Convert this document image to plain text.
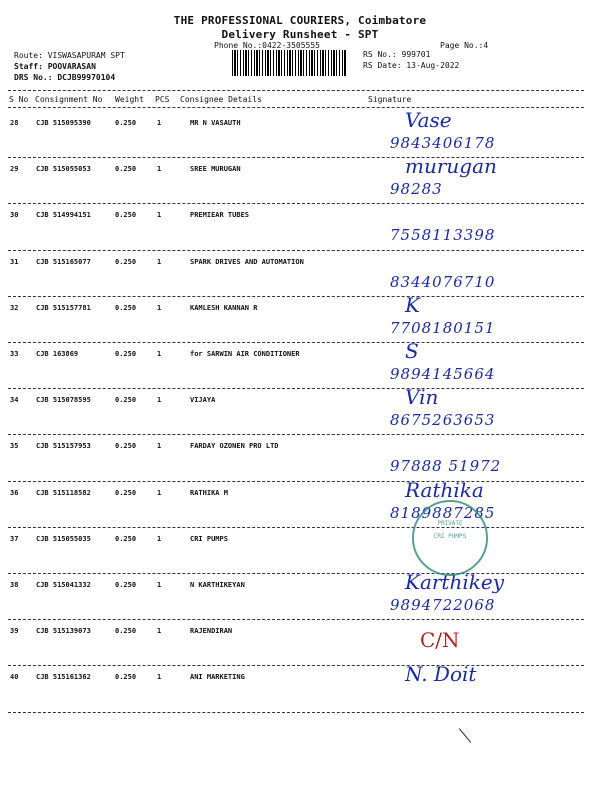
THE PROFESSIONAL COURIERS, Coimbatore
Delivery Runsheet - SPT
Phone No.:0422-3505555	Page No.:4
Route: VISWASAPURAM SPT
Staff: POOVARASAN
DRS No.: DCJB99970104
RS No.: 999701
RS Date: 13-Aug-2022
S No Consignment No Weight PCS Consignee Details	Signature
28	CJB 515095390	0.250	1	MR N VASAUTH	Vase
9843406178
29	CJB 515055053	0.250	1	SREE MURUGAN	murugan
98283
30	CJB 514994151	0.250	1	PREMIEAR TUBES
7558113398
31	CJB 515165077	0.250	1	SPARK DRIVES AND AUTOMATION
8344076710
32	CJB 515157781	0.250	1	KAMLESH KANNAN R	K
7708180151
33	CJB 163869	0.250	1	for SARWIN AIR CONDITIONER	S
9894145664
34	CJB 515078595	0.250	1	VIJAYA	Vin
8675263653
35	CJB 515157953	0.250	1	FARDAY OZONEN PRO LTD
97888 51972
36	CJB 515118582	0.250	1	RATHIKA M	Rathika
8189887285
37	CJB 515055035	0.250	1	CRI PUMPS
38	CJB 515041332	0.250	1	N KARTHIKEYAN	Karthikey
9894722068
39	CJB 515139073	0.250	1	RAJENDIRAN	C/N
40	CJB 515161362	0.250	1	ANI MARKETING	N. Doit
PRIVATE
CRI PUMPS
